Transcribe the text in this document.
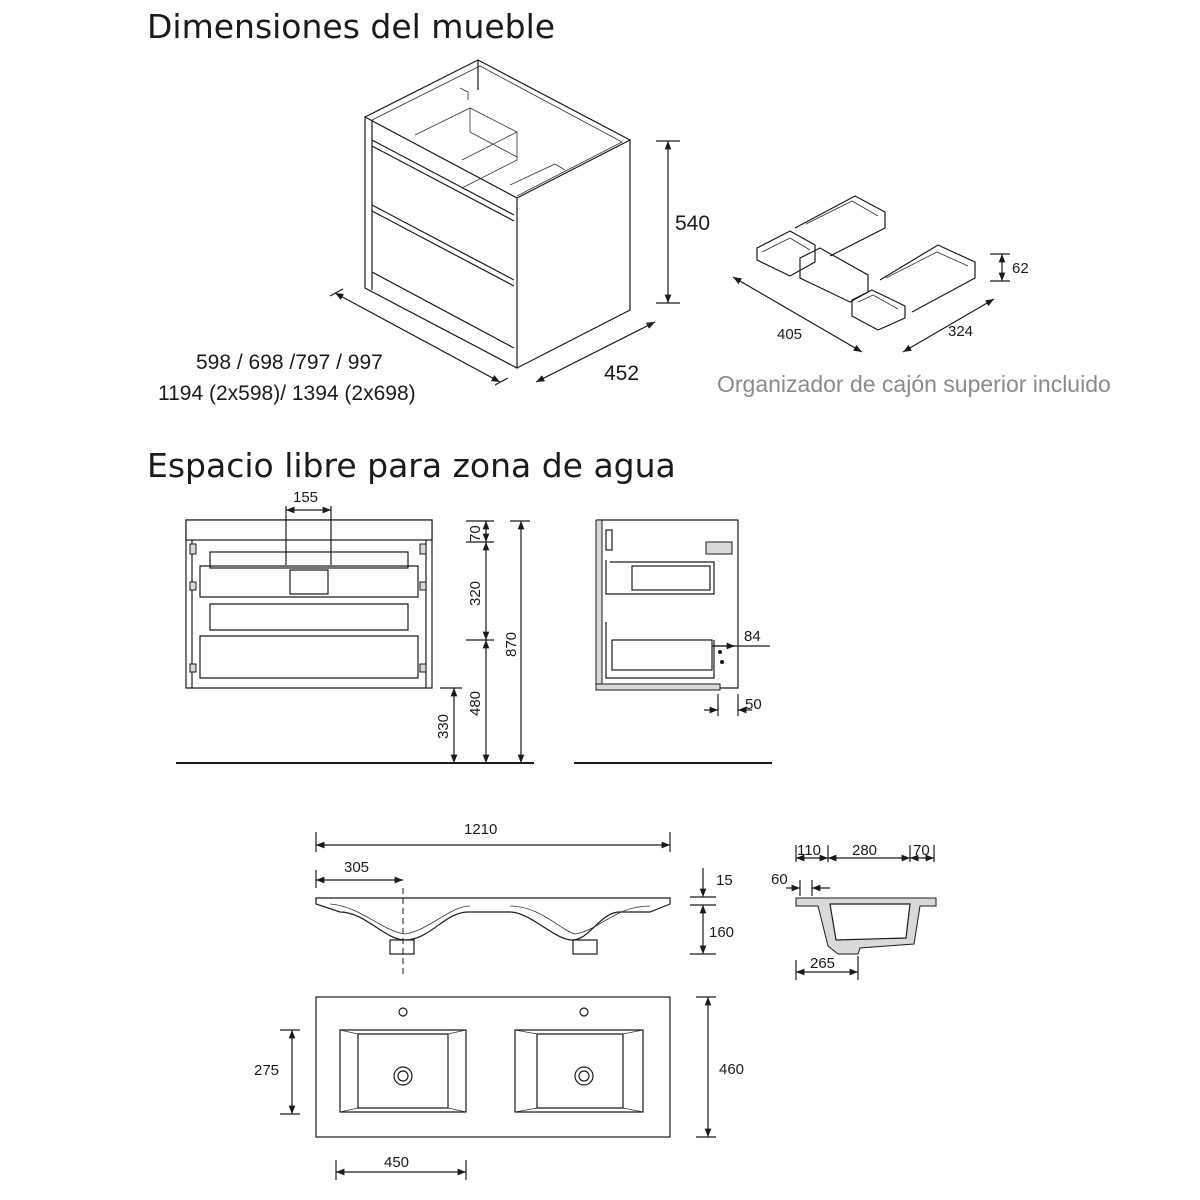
Dimensiones del mueble
Espacio libre para zona de agua
540
598 / 698 /797 / 997
1194 (2x598)/ 1394 (2x698)
452
405	324
62
Organizador de cajón superior incluido
155
70
320
870
480
330
84
50
1210
305
15
160
110 280 70
60
265
275	460
450
